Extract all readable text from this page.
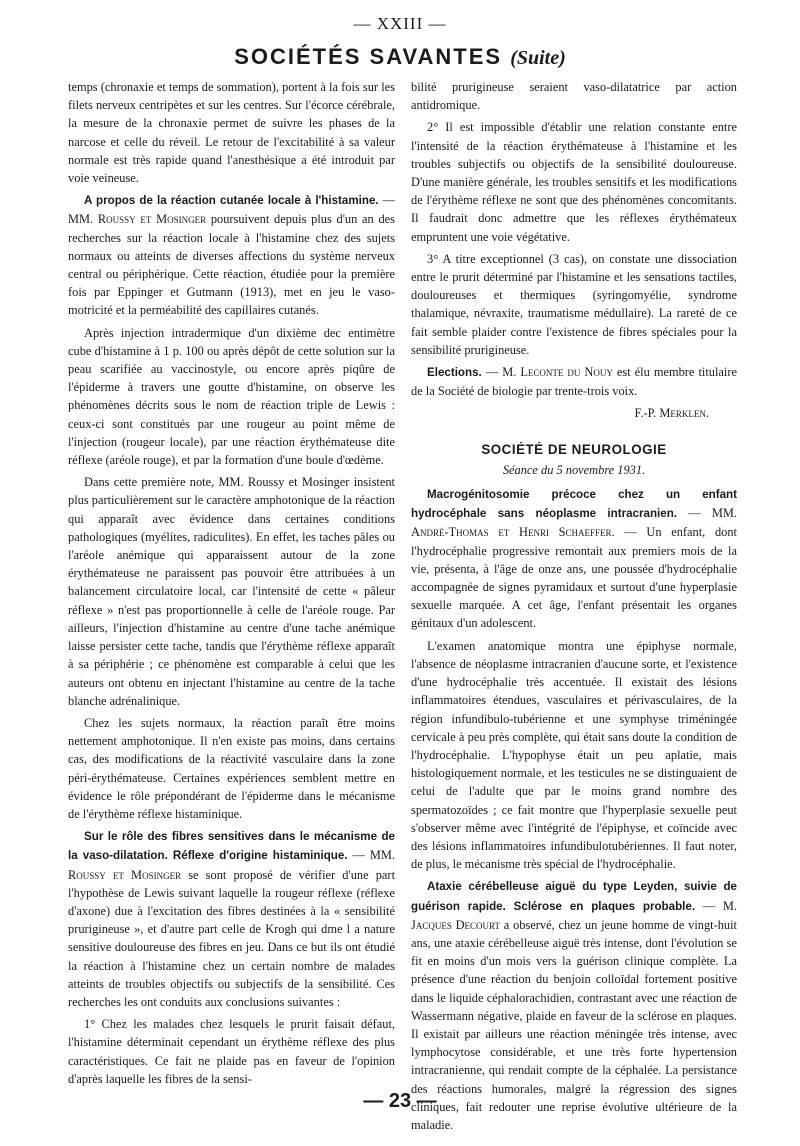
— XXIII —
SOCIÉTÉS SAVANTES (Suite)

temps (chronaxie et temps de sommation), portent à la fois sur les filets nerveux centripètes et sur les centres. Sur l'écorce cérébrale, la mesure de la chronaxie permet de suivre les phases de la narcose et celle du réveil. Le retour de l'excitabilité à sa valeur normale est très rapide quand l'anesthésique a été introduit par voie veineuse.

A propos de la réaction cutanée locale à l'histamine. — MM. Roussy et Mosinger poursuivent depuis plus d'un an des recherches sur la réaction locale à l'histamine chez des sujets normaux ou atteints de diverses affections du système nerveux central ou périphérique. Cette réaction, étudiée pour la première fois par Eppinger et Gutmann (1913), met en jeu le vaso-motricité et la perméabilité des capillaires cutanés.

Après injection intradermique d'un dixième dec entimètre cube d'histamine à 1 p. 100 ou après dépôt de cette solution sur la peau scarifiée au vaccinostyle, ou encore après piqûre de l'épiderme à travers une goutte d'histamine, on observe les phénomènes décrits sous le nom de réaction triple de Lewis : ceux-ci sont constitués par une rougeur au point même de l'injection (rougeur locale), par une réaction érythémateuse dite réflexe (aréole rouge), et par la formation d'une boule d'œdème.

Dans cette première note, MM. Roussy et Mosinger insistent plus particulièrement sur le caractère amphotonique de la réaction qui apparaît avec évidence dans certaines conditions pathologiques (myélites, radiculites). En effet, les taches pâles ou l'aréole anémique qui apparaissent autour de la zone érythémateuse ne paraissent pas pouvoir être attribuées à un balancement circulatoire local, car l'intensité de cette « pâleur réflexe » n'est pas proportionnelle à celle de l'aréole rouge. Par ailleurs, l'injection d'histamine au centre d'une tache anémique laisse persister cette tache, tandis que l'érythème réflexe apparaît à sa périphérie ; ce phénomène est comparable à celui que les auteurs ont obtenu en injectant l'histamine au centre de la tache blanche adrénalinique.

Chez les sujets normaux, la réaction paraît être moins nettement amphotonique. Il n'en existe pas moins, dans certains cas, des modifications de la réactivité vasculaire dans la zone péri-érythémateuse. Certaines expériences semblent mettre en évidence le rôle prépondérant de l'épiderme dans le mécanisme de l'érythème réflexe histaminique.

Sur le rôle des fibres sensitives dans le mécanisme de la vaso-dilatation. Réflexe d'origine histaminique. — MM. Roussy et Mosinger se sont proposé de vérifier d'une part l'hypothèse de Lewis suivant laquelle la rougeur réflexe (réflexe d'axone) due à l'excitation des fibres destinées à la « sensibilité prurigineuse », et d'autre part celle de Krogh qui dme l a nature sensitive douloureuse des fibres en jeu. Dans ce but ils ont étudié la réaction à l'histamine chez un certain nombre de malades atteints de troubles objectifs ou subjectifs de la sensibilité. Ces recherches les ont conduits aux conclusions suivantes :

1° Chez les malades chez lesquels le prurit faisait défaut, l'histamine déterminait cependant un érythème réflexe des plus caractéristiques. Ce fait ne plaide pas en faveur de l'opinion d'après laquelle les fibres de la sensi-

bilité prurigineuse seraient vaso-dilatatrice par action antidromique.

2° Il est impossible d'établir une relation constante entre l'intensité de la réaction érythémateuse à l'histamine et les troubles subjectifs ou objectifs de la sensibilité douloureuse. D'une manière générale, les troubles sensitifs et les modifications de l'érythème réflexe ne sont que des phénomènes concomitants. Il faudrait donc admettre que les réflexes érythémateux empruntent une voie végétative.

3° A titre exceptionnel (3 cas), on constate une dissociation entre le prurit déterminé par l'histamine et les sensations tactiles, douloureuses et thermiques (syringomyélie, syndrome thalamique, névraxite, traumatisme médullaire). La rareté de ce fait semble plaider contre l'existence de fibres spéciales pour la sensibilité prurigineuse.

Elections. — M. Leconte du Nouy est élu membre titulaire de la Société de biologie par trente-trois voix.

F.-P. Merklen.
SOCIÉTÉ DE NEUROLOGIE
Séance du 5 novembre 1931.

Macrogénitosomie précoce chez un enfant hydrocéphale sans néoplasme intracranien. — MM. André-Thomas et Henri Schaeffer. — Un enfant, dont l'hydrocéphalie progressive remontait aux premiers mois de la vie, présenta, à l'âge de onze ans, une poussée d'hydrocéphalie accompagnée de signes pyramidaux et surtout d'une hyperplasie sexuelle marquée. A cet âge, l'enfant présentait les organes génitaux d'un adolescent.

L'examen anatomique montra une épiphyse normale, l'absence de néoplasme intracranien d'aucune sorte, et l'existence d'une hydrocéphalie très accentuée. Il existait des lésions inflammatoires étendues, vasculaires et périvasculaires, de la région infundibulo-tubérienne et une symphyse triméningée cervicale à peu près complète, qui était sans doute la condition de l'hydrocéphalie. L'hypophyse était un peu aplatie, mais histologiquement normale, et les testicules ne se distinguaient de celui de l'adulte que par le moins grand nombre des spermatozoïdes ; ce fait montre que l'hyperplasie sexuelle peut s'observer même avec l'intégrité de l'épiphyse, et coïncide avec des lésions inflammatoires infundibulotubériennes. Il faut noter, de plus, le mécanisme très spécial de l'hydrocéphalie.

Ataxie cérébelleuse aiguë du type Leyden, suivie de guérison rapide. Sclérose en plaques probable. — M. Jacques Decourt a observé, chez un jeune homme de vingt-huit ans, une ataxie cérébelleuse aiguë très intense, dont l'évolution se fit en moins d'un mois vers la guérison clinique complète. La présence d'une réaction du benjoin colloïdal fortement positive dans le liquide céphalorachidien, contrastant avec une réaction de Wassermann négative, plaide en faveur de la sclérose en plaques. Il existait par ailleurs une réaction méningée très intense, avec lymphocytose considérable, et une très forte hypertension intracranienne, qui rendait compte de la céphalée. La persistance des réactions humorales, malgré la régression des signes cliniques, fait redouter une reprise évolutive ultérieure de la maladie.

— 23 —
